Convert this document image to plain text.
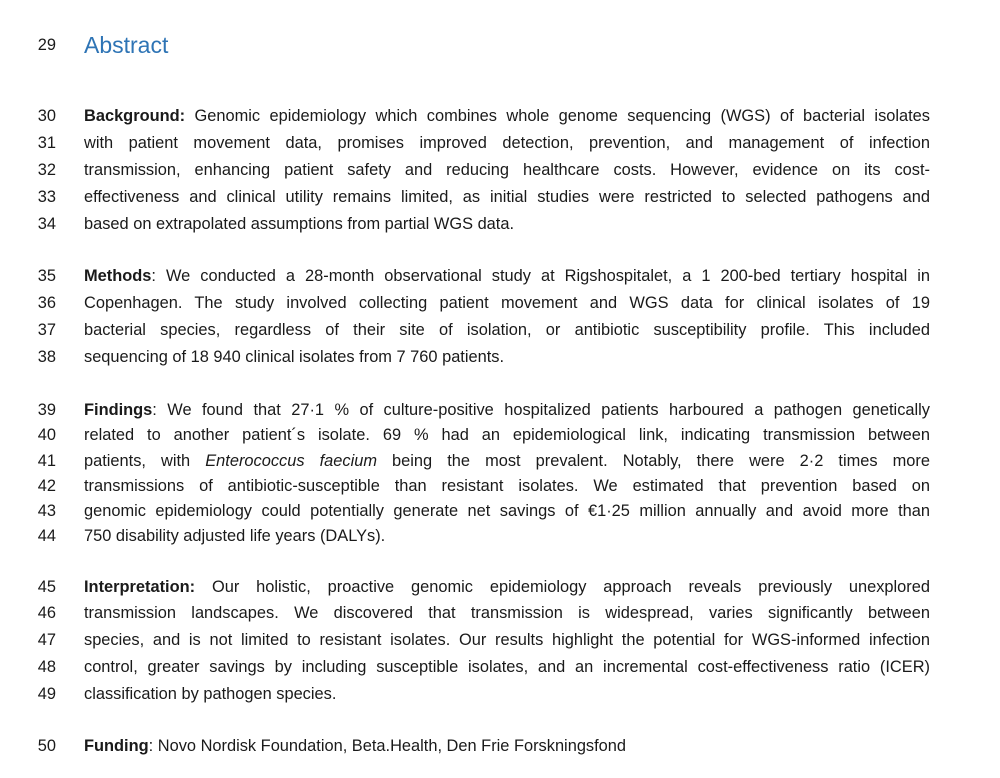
29 Abstract
30 Background: Genomic epidemiology which combines whole genome sequencing (WGS) of bacterial isolates
31 with patient movement data, promises improved detection, prevention, and management of infection
32 transmission, enhancing patient safety and reducing healthcare costs. However, evidence on its cost-
33 effectiveness and clinical utility remains limited, as initial studies were restricted to selected pathogens and
34 based on extrapolated assumptions from partial WGS data.
35 Methods: We conducted a 28-month observational study at Rigshospitalet, a 1 200-bed tertiary hospital in
36 Copenhagen. The study involved collecting patient movement and WGS data for clinical isolates of 19
37 bacterial species, regardless of their site of isolation, or antibiotic susceptibility profile. This included
38 sequencing of 18 940 clinical isolates from 7 760 patients.
39 Findings: We found that 27·1 % of culture-positive hospitalized patients harboured a pathogen genetically
40 related to another patient´s isolate. 69 % had an epidemiological link, indicating transmission between
41 patients, with Enterococcus faecium being the most prevalent. Notably, there were 2·2 times more
42 transmissions of antibiotic-susceptible than resistant isolates. We estimated that prevention based on
43 genomic epidemiology could potentially generate net savings of €1·25 million annually and avoid more than
44 750 disability adjusted life years (DALYs).
45 Interpretation: Our holistic, proactive genomic epidemiology approach reveals previously unexplored
46 transmission landscapes. We discovered that transmission is widespread, varies significantly between
47 species, and is not limited to resistant isolates. Our results highlight the potential for WGS-informed infection
48 control, greater savings by including susceptible isolates, and an incremental cost-effectiveness ratio (ICER)
49 classification by pathogen species.
50 Funding: Novo Nordisk Foundation, Beta.Health, Den Frie Forskningsfond
